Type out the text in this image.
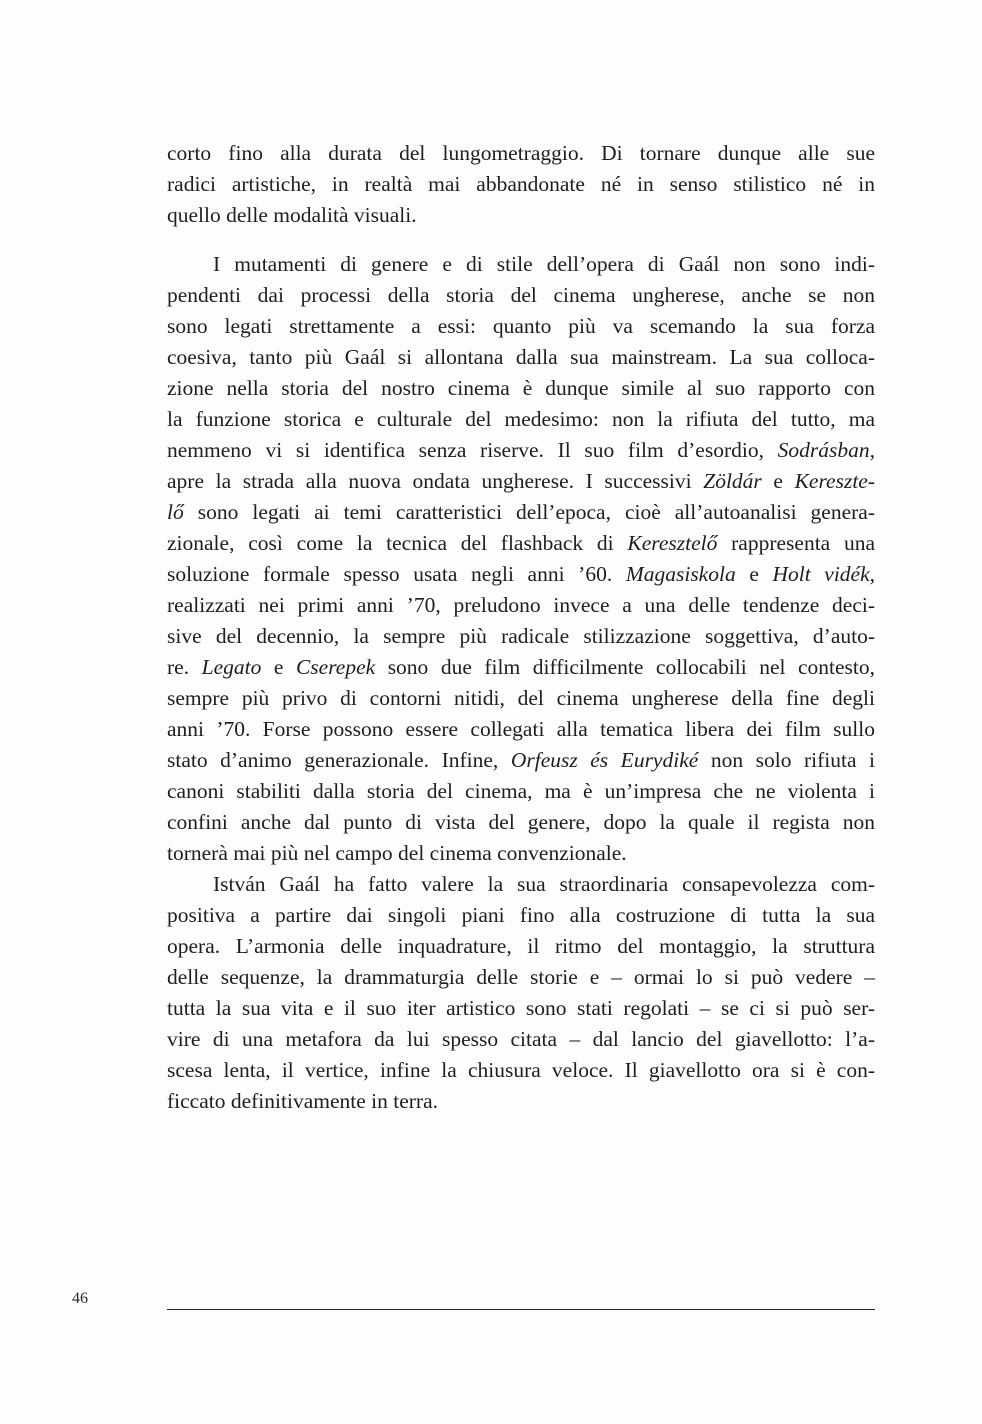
corto fino alla durata del lungometraggio. Di tornare dunque alle sue
radici artistiche, in realtà mai abbandonate né in senso stilistico né in
quello delle modalità visuali.
I mutamenti di genere e di stile dell’opera di Gaál non sono indi-
pendenti dai processi della storia del cinema ungherese, anche se non
sono legati strettamente a essi: quanto più va scemando la sua forza
coesiva, tanto più Gaál si allontana dalla sua mainstream. La sua colloca-
zione nella storia del nostro cinema è dunque simile al suo rapporto con
la funzione storica e culturale del medesimo: non la rifiuta del tutto, ma
nemmeno vi si identifica senza riserve. Il suo film d’esordio, Sodrásban,
apre la strada alla nuova ondata ungherese. I successivi Zöldár e Kereszte-
lő sono legati ai temi caratteristici dell’epoca, cioè all’autoanalisi genera-
zionale, così come la tecnica del flashback di Keresztelő rappresenta una
soluzione formale spesso usata negli anni ’60. Magasiskola e Holt vidék,
realizzati nei primi anni ’70, preludono invece a una delle tendenze deci-
sive del decennio, la sempre più radicale stilizzazione soggettiva, d’auto-
re. Legato e Cserepek sono due film difficilmente collocabili nel contesto,
sempre più privo di contorni nitidi, del cinema ungherese della fine degli
anni ’70. Forse possono essere collegati alla tematica libera dei film sullo
stato d’animo generazionale. Infine, Orfeusz és Eurydiké non solo rifiuta i
canoni stabiliti dalla storia del cinema, ma è un’impresa che ne violenta i
confini anche dal punto di vista del genere, dopo la quale il regista non
tornerà mai più nel campo del cinema convenzionale.
István Gaál ha fatto valere la sua straordinaria consapevolezza com-
positiva a partire dai singoli piani fino alla costruzione di tutta la sua
opera. L’armonia delle inquadrature, il ritmo del montaggio, la struttura
delle sequenze, la drammaturgia delle storie e – ormai lo si può vedere –
tutta la sua vita e il suo iter artistico sono stati regolati – se ci si può ser-
vire di una metafora da lui spesso citata – dal lancio del giavellotto: l’a-
scesa lenta, il vertice, infine la chiusura veloce. Il giavellotto ora si è con-
ficcato definitivamente in terra.
46
